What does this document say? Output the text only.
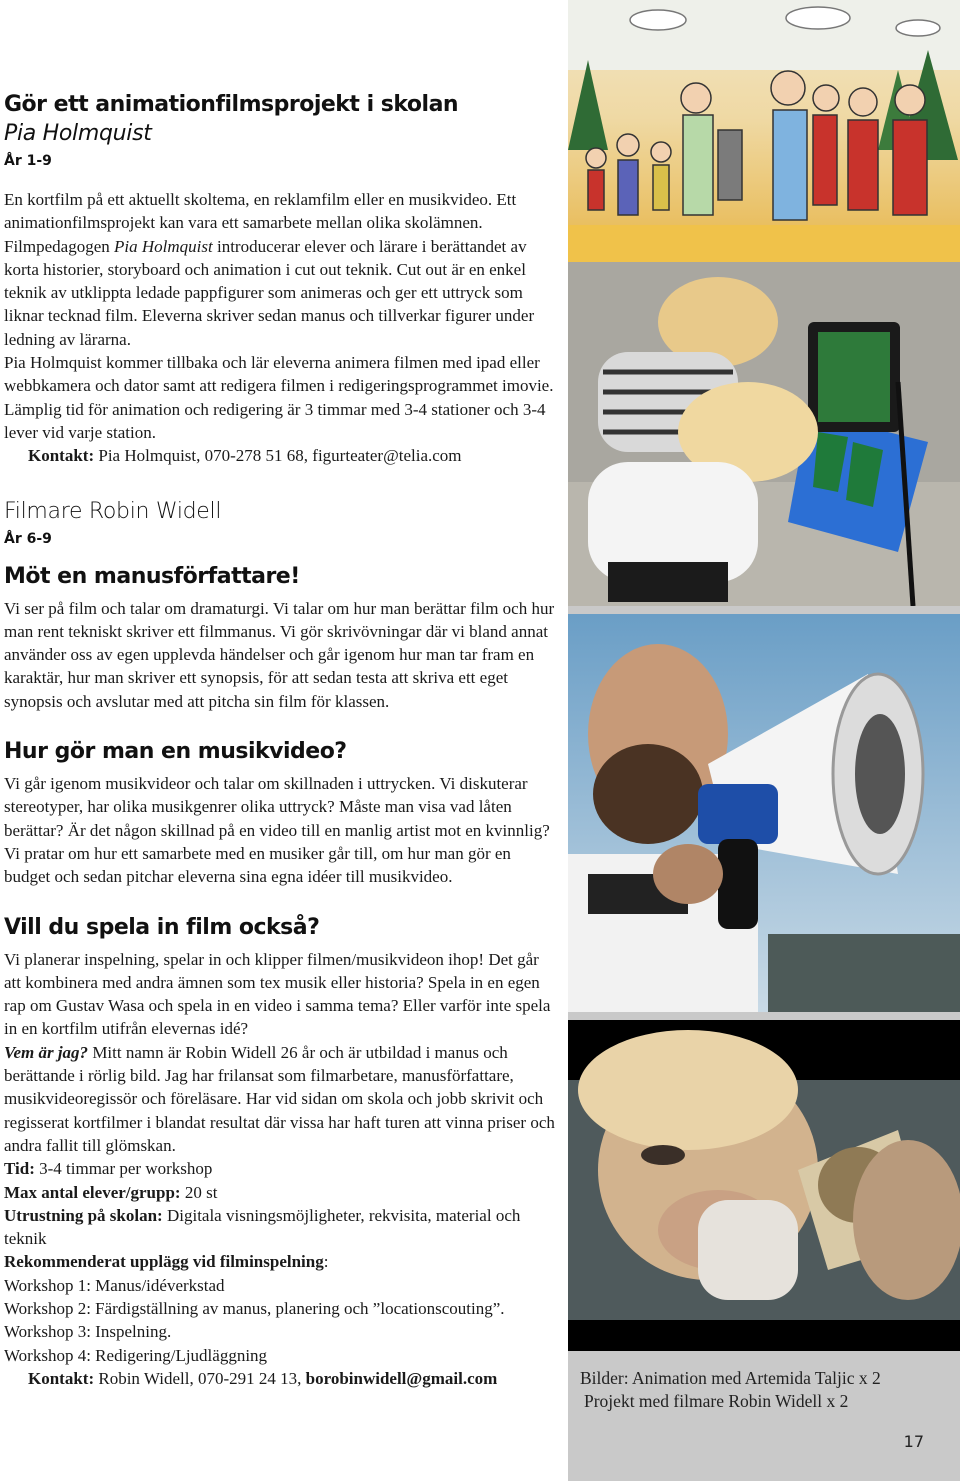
Gör ett animationfilmsprojekt i skolan
Pia Holmquist
År 1-9

En kortfilm på ett aktuellt skoltema, en reklamfilm eller en musikvideo. Ett animationfilmsprojekt kan vara ett samarbete mellan olika skolämnen. Filmpedagogen Pia Holmquist introducerar elever och lärare i berättandet av korta historier, storyboard och animation i cut out teknik. Cut out är en enkel teknik av utklippta ledade pappfigurer som animeras och ger ett uttryck som liknar tecknad film. Eleverna skriver sedan manus och tillverkar figurer under ledning av lärarna.

Pia Holmquist kommer tillbaka och lär eleverna animera filmen med ipad eller webbkamera och dator samt att redigera filmen i redigeringsprogrammet imovie. Lämplig tid för animation och redigering är 3 timmar med 3-4 stationer och 3-4 lever vid varje station.

Kontakt: Pia Holmquist, 070-278 51 68, figurteater@telia.com

Filmare Robin Widell
År 6-9
Möt en manusförfattare!

Vi ser på film och talar om dramaturgi. Vi talar om hur man berättar film och hur man rent tekniskt skriver ett filmmanus. Vi gör skrivövningar där vi bland annat använder oss av egen upplevda händelser och går igenom hur man tar fram en karaktär, hur man skriver ett synopsis, för att sedan testa att skriva ett eget synopsis och avslutar med att pitcha sin film för klassen.

Hur gör man en musikvideo?

Vi går igenom musikvideor och talar om skillnaden i uttrycken. Vi diskuterar stereotyper, har olika musikgenrer olika uttryck? Måste man visa vad låten berättar? Är det någon skillnad på en video till en manlig artist mot en kvinnlig? Vi pratar om hur ett samarbete med en musiker går till, om hur man gör en budget och sedan pitchar eleverna sina egna idéer till musikvideo.

Vill du spela in film också?

Vi planerar inspelning, spelar in och klipper filmen/musikvideon ihop! Det går att kombinera med andra ämnen som tex musik eller historia? Spela in en egen rap om Gustav Wasa och spela in en video i samma tema? Eller varför inte spela in en kortfilm utifrån elevernas idé?

Vem är jag? Mitt namn är Robin Widell 26 år och är utbildad i manus och berättande i rörlig bild. Jag har frilansat som filmarbetare, manusförfattare, musikvideoregissör och föreläsare. Har vid sidan om skola och jobb skrivit och regisserat kortfilmer i blandat resultat där vissa har haft turen att vinna priser och andra fallit till glömskan.

Tid: 3-4 timmar per workshop

Max antal elever/grupp: 20 st

Utrustning på skolan: Digitala visningsmöjligheter, rekvisita, material och teknik

Rekommenderat upplägg vid filminspelning:

Workshop 1: Manus/idéverkstad

Workshop 2: Färdigställning av manus, planering och ”locationscouting”.

Workshop 3: Inspelning.

Workshop 4: Redigering/Ljudläggning

Kontakt: Robin Widell, 070-291 24 13, borobinwidell@gmail.com	Bilder: Animation med Artemida Taljic x 2
Projekt med filmare Robin Widell x 2
17
